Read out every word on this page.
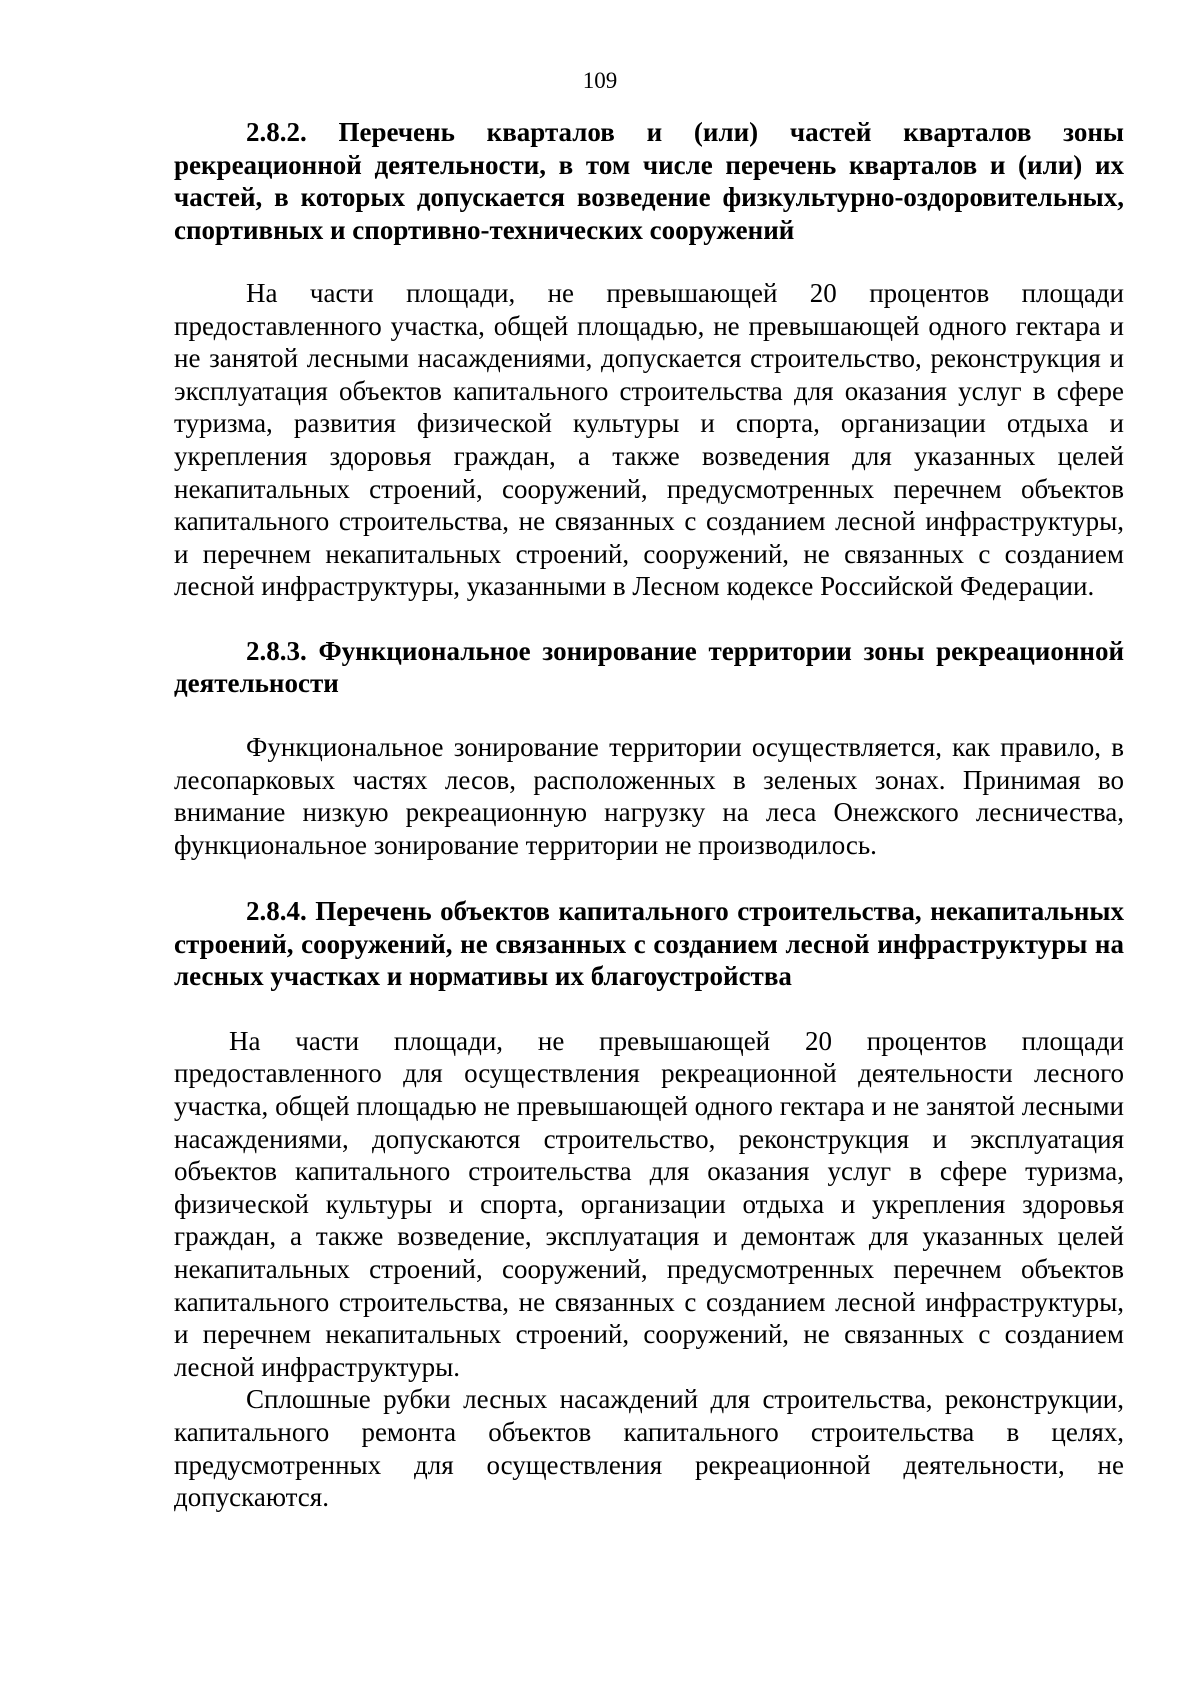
109

2.8.2. Перечень кварталов и (или) частей кварталов зоны рекреационной деятельности, в том числе перечень кварталов и (или) их частей, в которых допускается возведение физкультурно-оздоровительных, спортивных и спортивно-технических сооружений

На части площади, не превышающей 20 процентов площади предоставленного участка, общей площадью, не превышающей одного гектара и не занятой лесными насаждениями, допускается строительство, реконструкция и эксплуатация объектов капитального строительства для оказания услуг в сфере туризма, развития физической культуры и спорта, организации отдыха и укрепления здоровья граждан, а также возведения для указанных целей некапитальных строений, сооружений, предусмотренных перечнем объектов капитального строительства, не связанных с созданием лесной инфраструктуры, и перечнем некапитальных строений, сооружений, не связанных с созданием лесной инфраструктуры, указанными в Лесном кодексе Российской Федерации.

2.8.3. Функциональное зонирование территории зоны рекреационной деятельности

Функциональное зонирование территории осуществляется, как правило, в лесопарковых частях лесов, расположенных в зеленых зонах. Принимая во внимание низкую рекреационную нагрузку на леса Онежского лесничества, функциональное зонирование территории не производилось.

2.8.4. Перечень объектов капитального строительства, некапитальных строений, сооружений, не связанных с созданием лесной инфраструктуры на лесных участках и нормативы их благоустройства

На части площади, не превышающей 20 процентов площади предоставленного для осуществления рекреационной деятельности лесного участка, общей площадью не превышающей одного гектара и не занятой лесными насаждениями, допускаются строительство, реконструкция и эксплуатация объектов капитального строительства для оказания услуг в сфере туризма, физической культуры и спорта, организации отдыха и укрепления здоровья граждан, а также возведение, эксплуатация и демонтаж для указанных целей некапитальных строений, сооружений, предусмотренных перечнем объектов капитального строительства, не связанных с созданием лесной инфраструктуры, и перечнем некапитальных строений, сооружений, не связанных с созданием лесной инфраструктуры.

Сплошные рубки лесных насаждений для строительства, реконструкции, капитального ремонта объектов капитального строительства в целях, предусмотренных для осуществления рекреационной деятельности, не допускаются.
